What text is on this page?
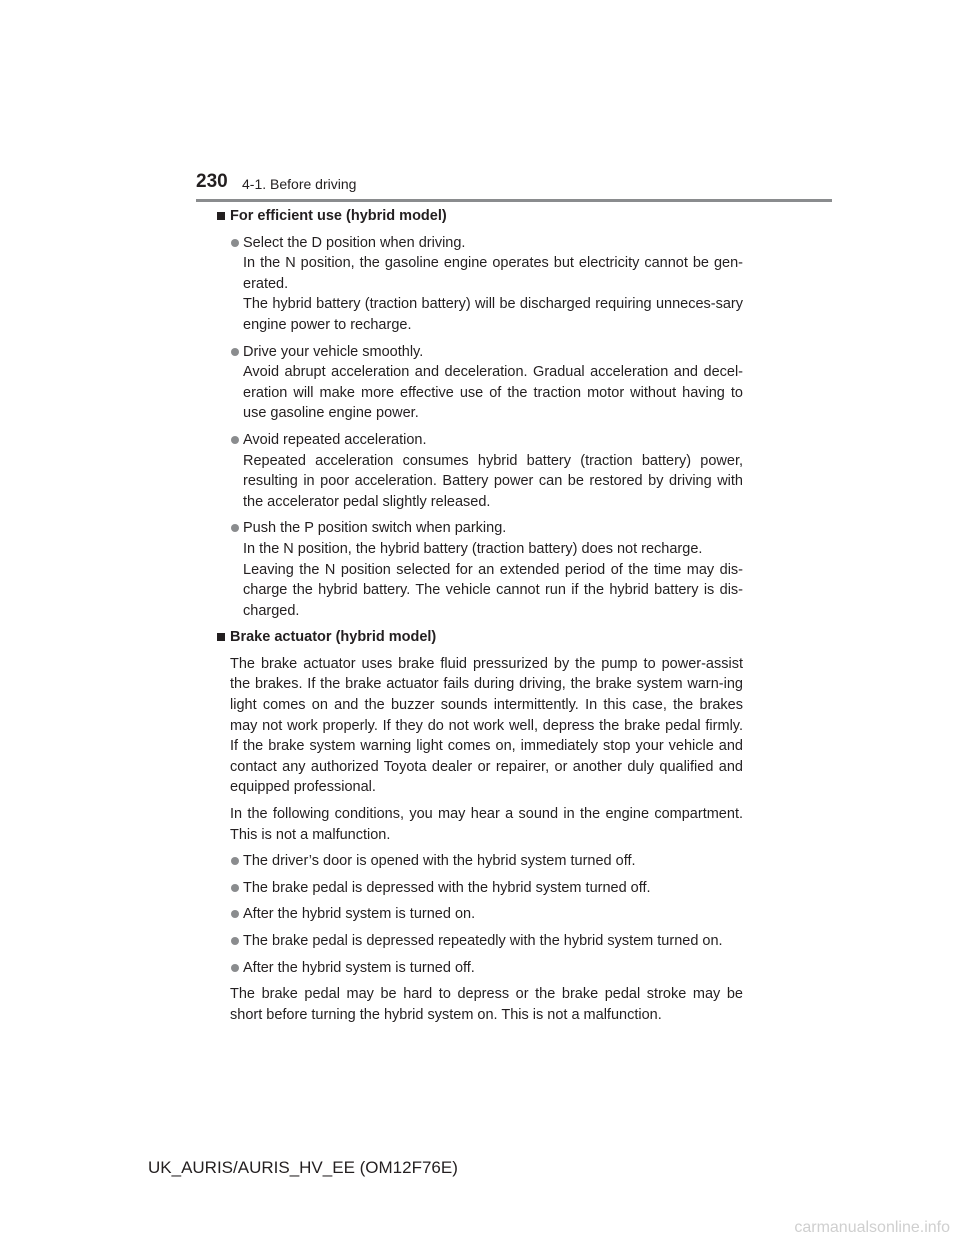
230 4-1. Before driving
For efficient use (hybrid model)

Select the D position when driving.

In the N position, the gasoline engine operates but electricity cannot be gen-erated.

The hybrid battery (traction battery) will be discharged requiring unneces-sary engine power to recharge.

Drive your vehicle smoothly.

Avoid abrupt acceleration and deceleration. Gradual acceleration and decel-eration will make more effective use of the traction motor without having to use gasoline engine power.

Avoid repeated acceleration.

Repeated acceleration consumes hybrid battery (traction battery) power, resulting in poor acceleration. Battery power can be restored by driving with the accelerator pedal slightly released.

Push the P position switch when parking.

In the N position, the hybrid battery (traction battery) does not recharge.

Leaving the N position selected for an extended period of the time may dis-charge the hybrid battery. The vehicle cannot run if the hybrid battery is dis-charged.

Brake actuator (hybrid model)

The brake actuator uses brake fluid pressurized by the pump to power-assist the brakes. If the brake actuator fails during driving, the brake system warn-ing light comes on and the buzzer sounds intermittently. In this case, the brakes may not work properly. If they do not work well, depress the brake pedal firmly. If the brake system warning light comes on, immediately stop your vehicle and contact any authorized Toyota dealer or repairer, or another duly qualified and equipped professional.

In the following conditions, you may hear a sound in the engine compartment. This is not a malfunction.

The driver’s door is opened with the hybrid system turned off.

The brake pedal is depressed with the hybrid system turned off.

After the hybrid system is turned on.

The brake pedal is depressed repeatedly with the hybrid system turned on.

After the hybrid system is turned off.

The brake pedal may be hard to depress or the brake pedal stroke may be short before turning the hybrid system on. This is not a malfunction.

UK_AURIS/AURIS_HV_EE (OM12F76E)
carmanualsonline.info
